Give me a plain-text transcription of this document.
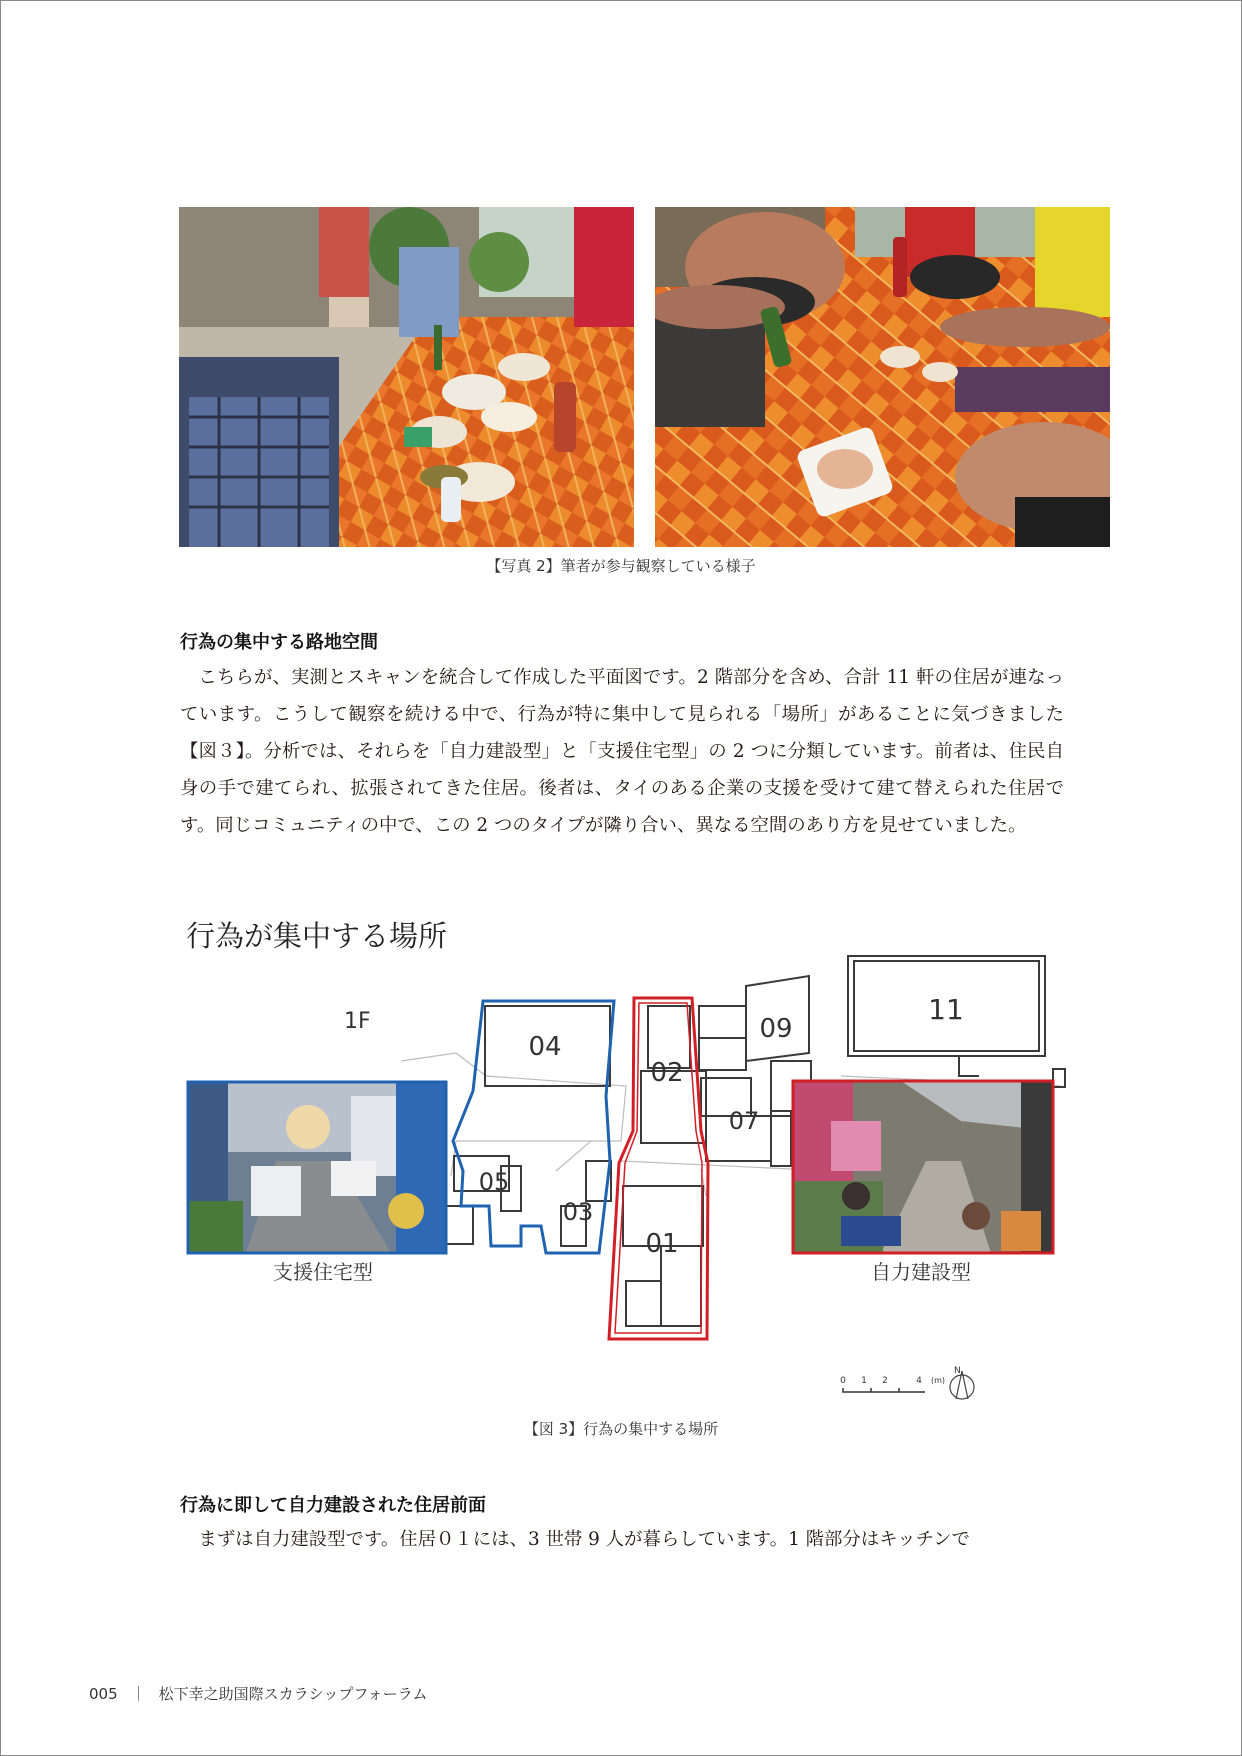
【写真 2】筆者が参与観察している様子
行為の集中する路地空間

こちらが、実測とスキャンを統合して作成した平面図です。2 階部分を含め、合計 11 軒の住居が連なっています。こうして観察を続ける中で、行為が特に集中して見られる「場所」があることに気づきました【図３】。分析では、それらを「自力建設型」と「支援住宅型」の 2 つに分類しています。前者は、住民自身の手で建てられ、拡張されてきた住居。後者は、タイのある企業の支援を受けて建て替えられた住居です。同じコミュニティの中で、この 2 つのタイプが隣り合い、異なる空間のあり方を見せていました。

行為が集中する場所
1F
04
02
05
03
01
07
09
11
支援住宅型	自力建設型
0 1 2	4 (m)
N
【図 3】行為の集中する場所
行為に即して自力建設された住居前面

まずは自力建設型です。住居０１には、3 世帯 9 人が暮らしています。1 階部分はキッチンで

005	松下幸之助国際スカラシップフォーラム
